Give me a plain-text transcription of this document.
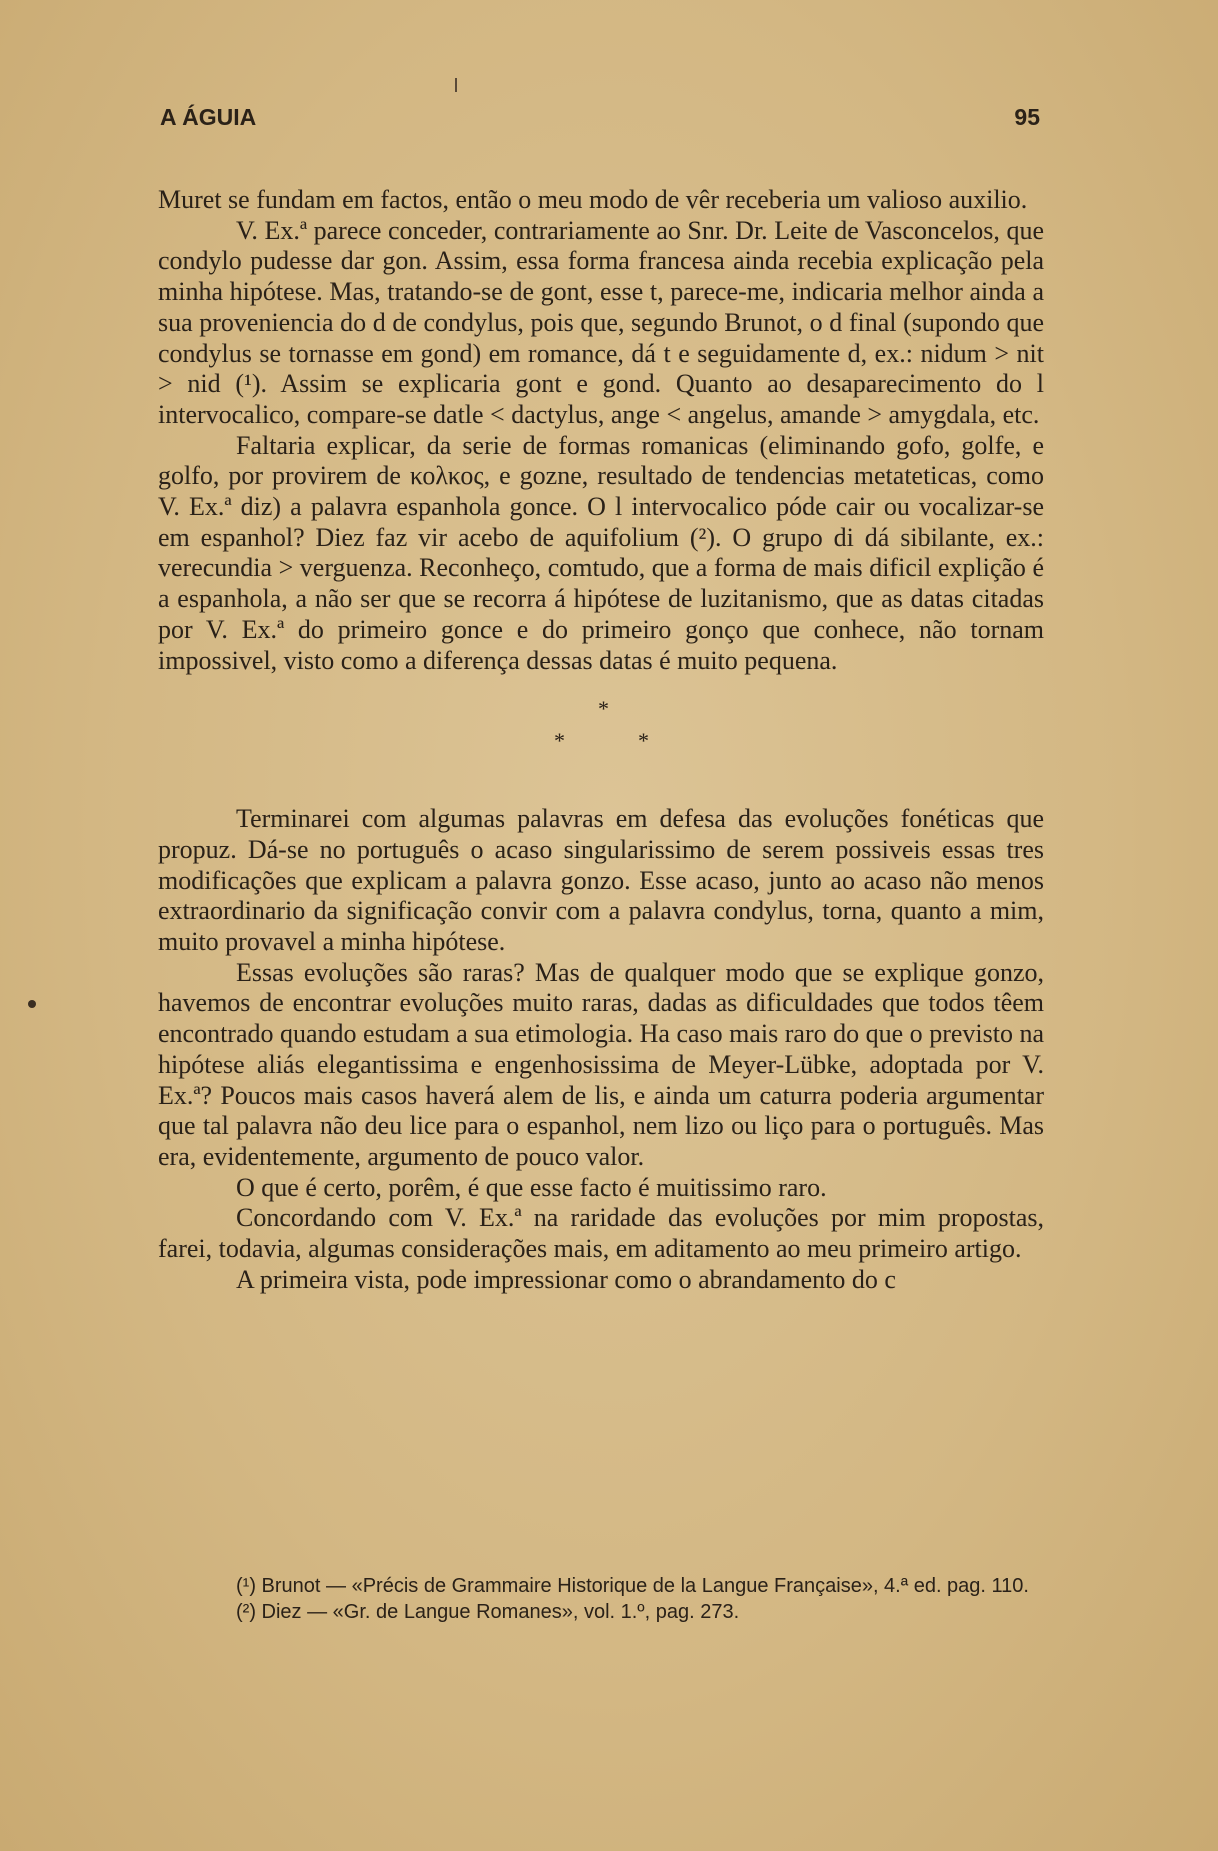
A ÁGUIA	95

Muret se fundam em factos, então o meu modo de vêr receberia um valioso auxilio.

V. Ex.ª parece conceder, contrariamente ao Snr. Dr. Leite de Vasconcelos, que condylo pudesse dar gon. Assim, essa forma francesa ainda recebia explicação pela minha hipótese. Mas, tratando-se de gont, esse t, parece-me, indicaria melhor ainda a sua proveniencia do d de condylus, pois que, segundo Brunot, o d final (supondo que condylus se tornasse em gond) em romance, dá t e seguidamente d, ex.: nidum > nit > nid (¹). Assim se explicaria gont e gond. Quanto ao desaparecimento do l intervocalico, compare-se datle < dactylus, ange < angelus, amande > amygdala, etc.

Faltaria explicar, da serie de formas romanicas (eliminando gofo, golfe, e golfo, por provirem de κολκος, e gozne, resultado de tendencias metateticas, como V. Ex.ª diz) a palavra espanhola gonce. O l intervocalico póde cair ou vocalizar-se em espanhol? Diez faz vir acebo de aquifolium (²). O grupo di dá sibilante, ex.: verecundia > verguenza. Reconheço, comtudo, que a forma de mais dificil explição é a espanhola, a não ser que se recorra á hipótese de luzitanismo, que as datas citadas por V. Ex.ª do primeiro gonce e do primeiro gonço que conhece, não tornam impossivel, visto como a diferença dessas datas é muito pequena.

*
*	*

Terminarei com algumas palavras em defesa das evoluções fonéticas que propuz. Dá-se no português o acaso singularissimo de serem possiveis essas tres modificações que explicam a palavra gonzo. Esse acaso, junto ao acaso não menos extraordinario da significação convir com a palavra condylus, torna, quanto a mim, muito provavel a minha hipótese.

Essas evoluções são raras? Mas de qualquer modo que se explique gonzo, havemos de encontrar evoluções muito raras, dadas as dificuldades que todos têem encontrado quando estudam a sua etimologia. Ha caso mais raro do que o previsto na hipótese aliás elegantissima e engenhosissima de Meyer-Lübke, adoptada por V. Ex.ª? Poucos mais casos haverá alem de lis, e ainda um caturra poderia argumentar que tal palavra não deu lice para o espanhol, nem lizo ou liço para o português. Mas era, evidentemente, argumento de pouco valor.

O que é certo, porêm, é que esse facto é muitissimo raro.

Concordando com V. Ex.ª na raridade das evoluções por mim propostas, farei, todavia, algumas considerações mais, em aditamento ao meu primeiro artigo.

A primeira vista, pode impressionar como o abrandamento do c

(¹) Brunot — «Précis de Grammaire Historique de la Langue Française», 4.ª ed. pag. 110.

(²) Diez — «Gr. de Langue Romanes», vol. 1.º, pag. 273.
